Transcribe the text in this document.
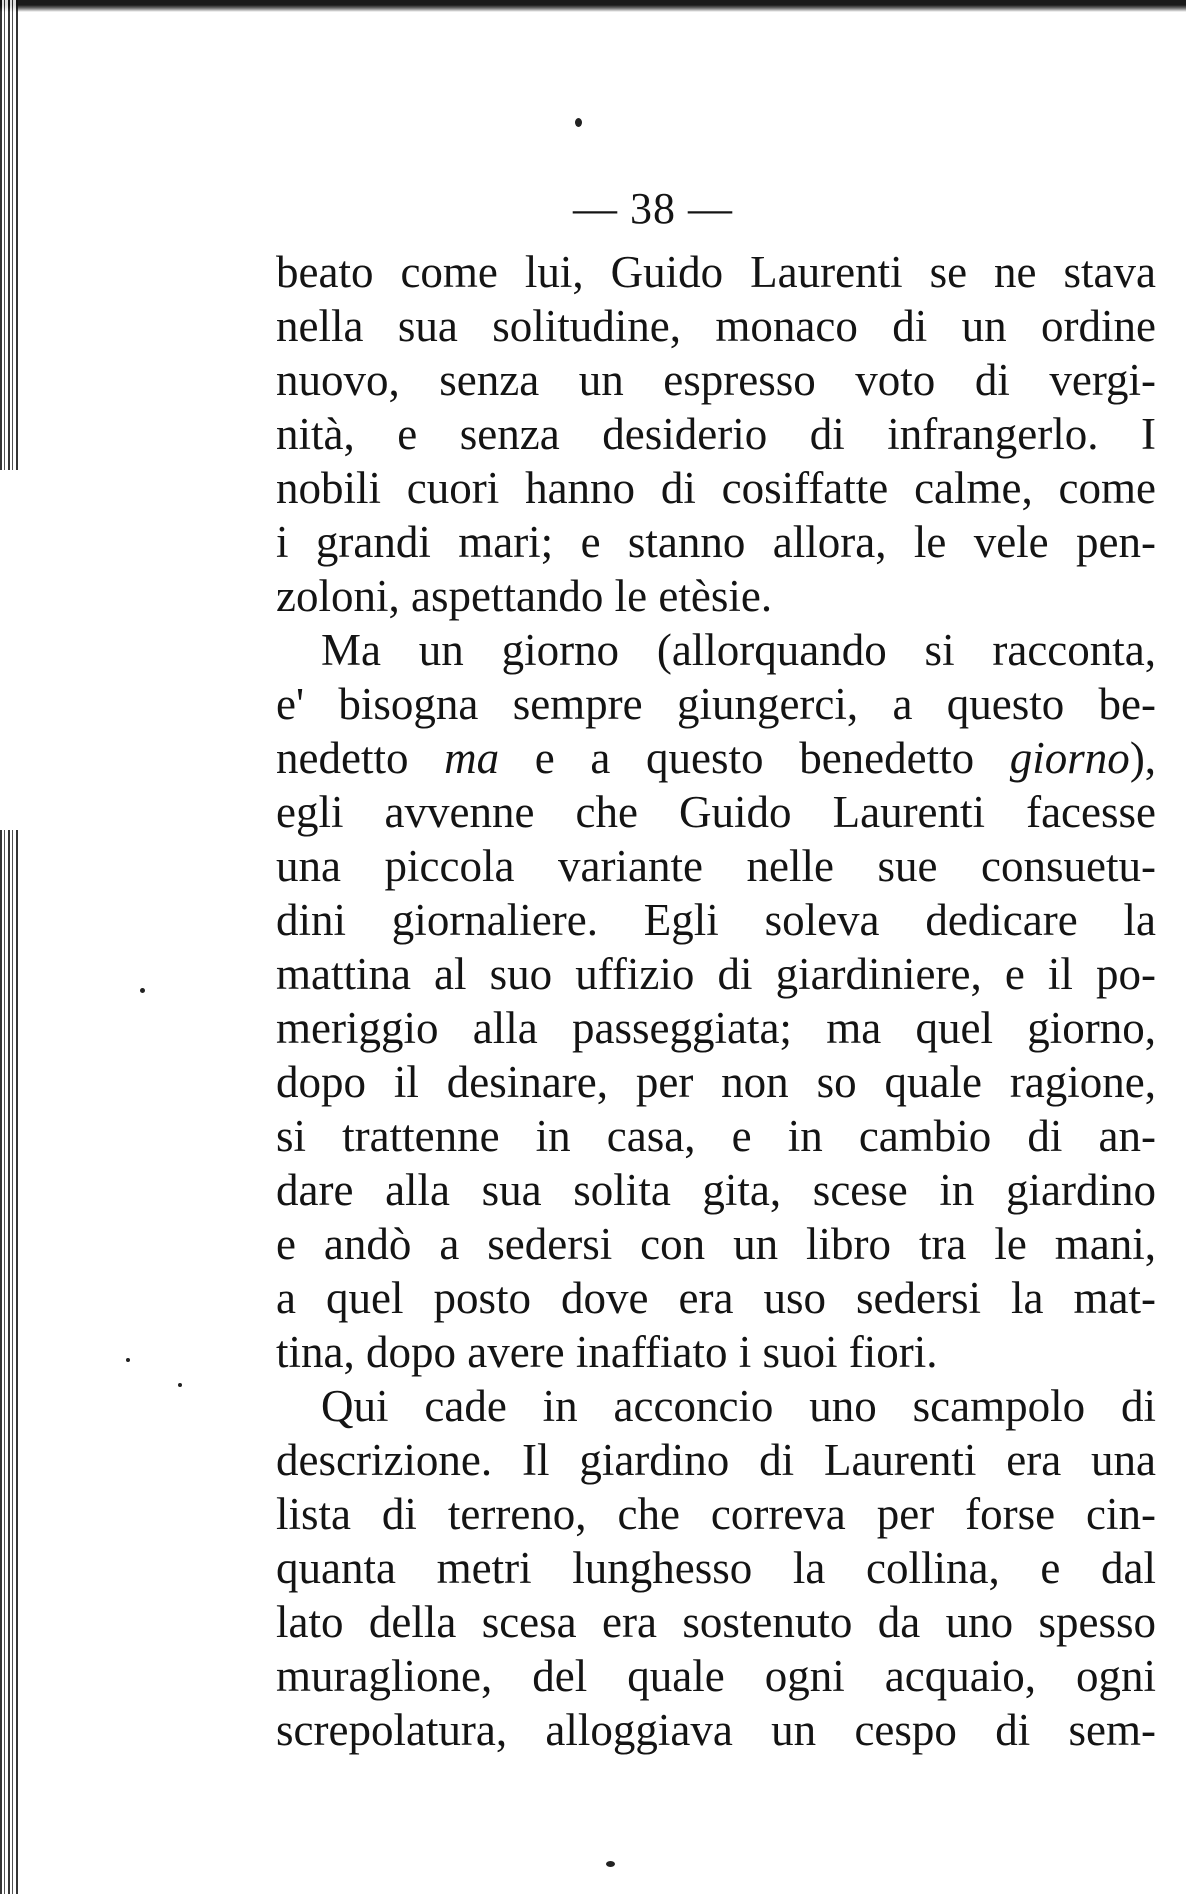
— 38 —
beato come lui, Guido Laurenti se ne stava
nella sua solitudine, monaco di un ordine
nuovo, senza un espresso voto di vergi-
nità, e senza desiderio di infrangerlo. I
nobili cuori hanno di cosiffatte calme, come
i grandi mari; e stanno allora, le vele pen-
zoloni, aspettando le etèsie.
Ma un giorno (allorquando si racconta,
e' bisogna sempre giungerci, a questo be-
nedetto ma e a questo benedetto giorno),
egli avvenne che Guido Laurenti facesse
una piccola variante nelle sue consuetu-
dini giornaliere. Egli soleva dedicare la
mattina al suo uffizio di giardiniere, e il po-
meriggio alla passeggiata; ma quel giorno,
dopo il desinare, per non so quale ragione,
si trattenne in casa, e in cambio di an-
dare alla sua solita gita, scese in giardino
e andò a sedersi con un libro tra le mani,
a quel posto dove era uso sedersi la mat-
tina, dopo avere inaffiato i suoi fiori.
Qui cade in acconcio uno scampolo di
descrizione. Il giardino di Laurenti era una
lista di terreno, che correva per forse cin-
quanta metri lunghesso la collina, e dal
lato della scesa era sostenuto da uno spesso
muraglione, del quale ogni acquaio, ogni
screpolatura, alloggiava un cespo di sem-
